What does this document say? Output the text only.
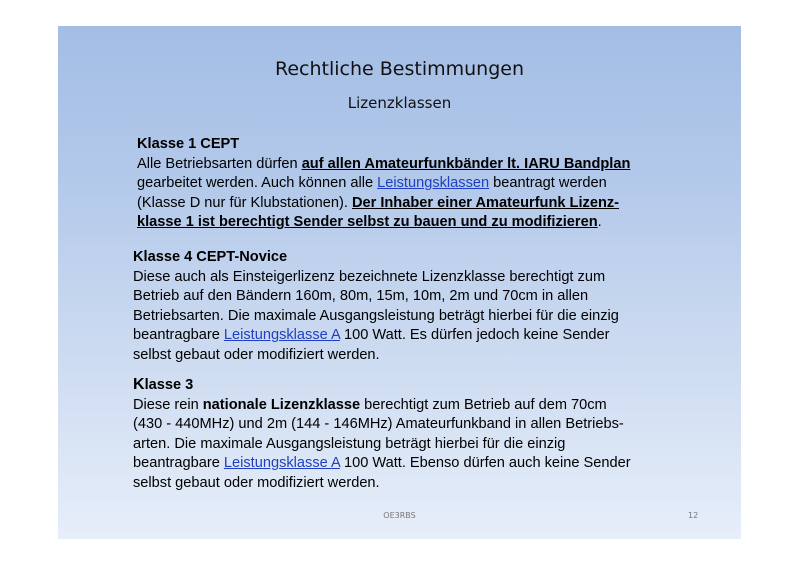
Rechtliche Bestimmungen
Lizenzklassen
Klasse 1 CEPT
Alle Betriebsarten dürfen auf allen Amateurfunkbänder lt. IARU Bandplan
gearbeitet werden. Auch können alle Leistungsklassen beantragt werden
(Klasse D nur für Klubstationen). Der Inhaber einer Amateurfunk Lizenz-
klasse 1 ist berechtigt Sender selbst zu bauen und zu modifizieren.
Klasse 4 CEPT-Novice
Diese auch als Einsteigerlizenz bezeichnete Lizenzklasse berechtigt zum
Betrieb auf den Bändern 160m, 80m, 15m, 10m, 2m und 70cm in allen
Betriebsarten. Die maximale Ausgangsleistung beträgt hierbei für die einzig
beantragbare Leistungsklasse A 100 Watt. Es dürfen jedoch keine Sender
selbst gebaut oder modifiziert werden.
Klasse 3
Diese rein nationale Lizenzklasse berechtigt zum Betrieb auf dem 70cm
(430 - 440MHz) und 2m (144 - 146MHz) Amateurfunkband in allen Betriebs-
arten. Die maximale Ausgangsleistung beträgt hierbei für die einzig
beantragbare Leistungsklasse A 100 Watt. Ebenso dürfen auch keine Sender
selbst gebaut oder modifiziert werden.
OE3RBS	12
